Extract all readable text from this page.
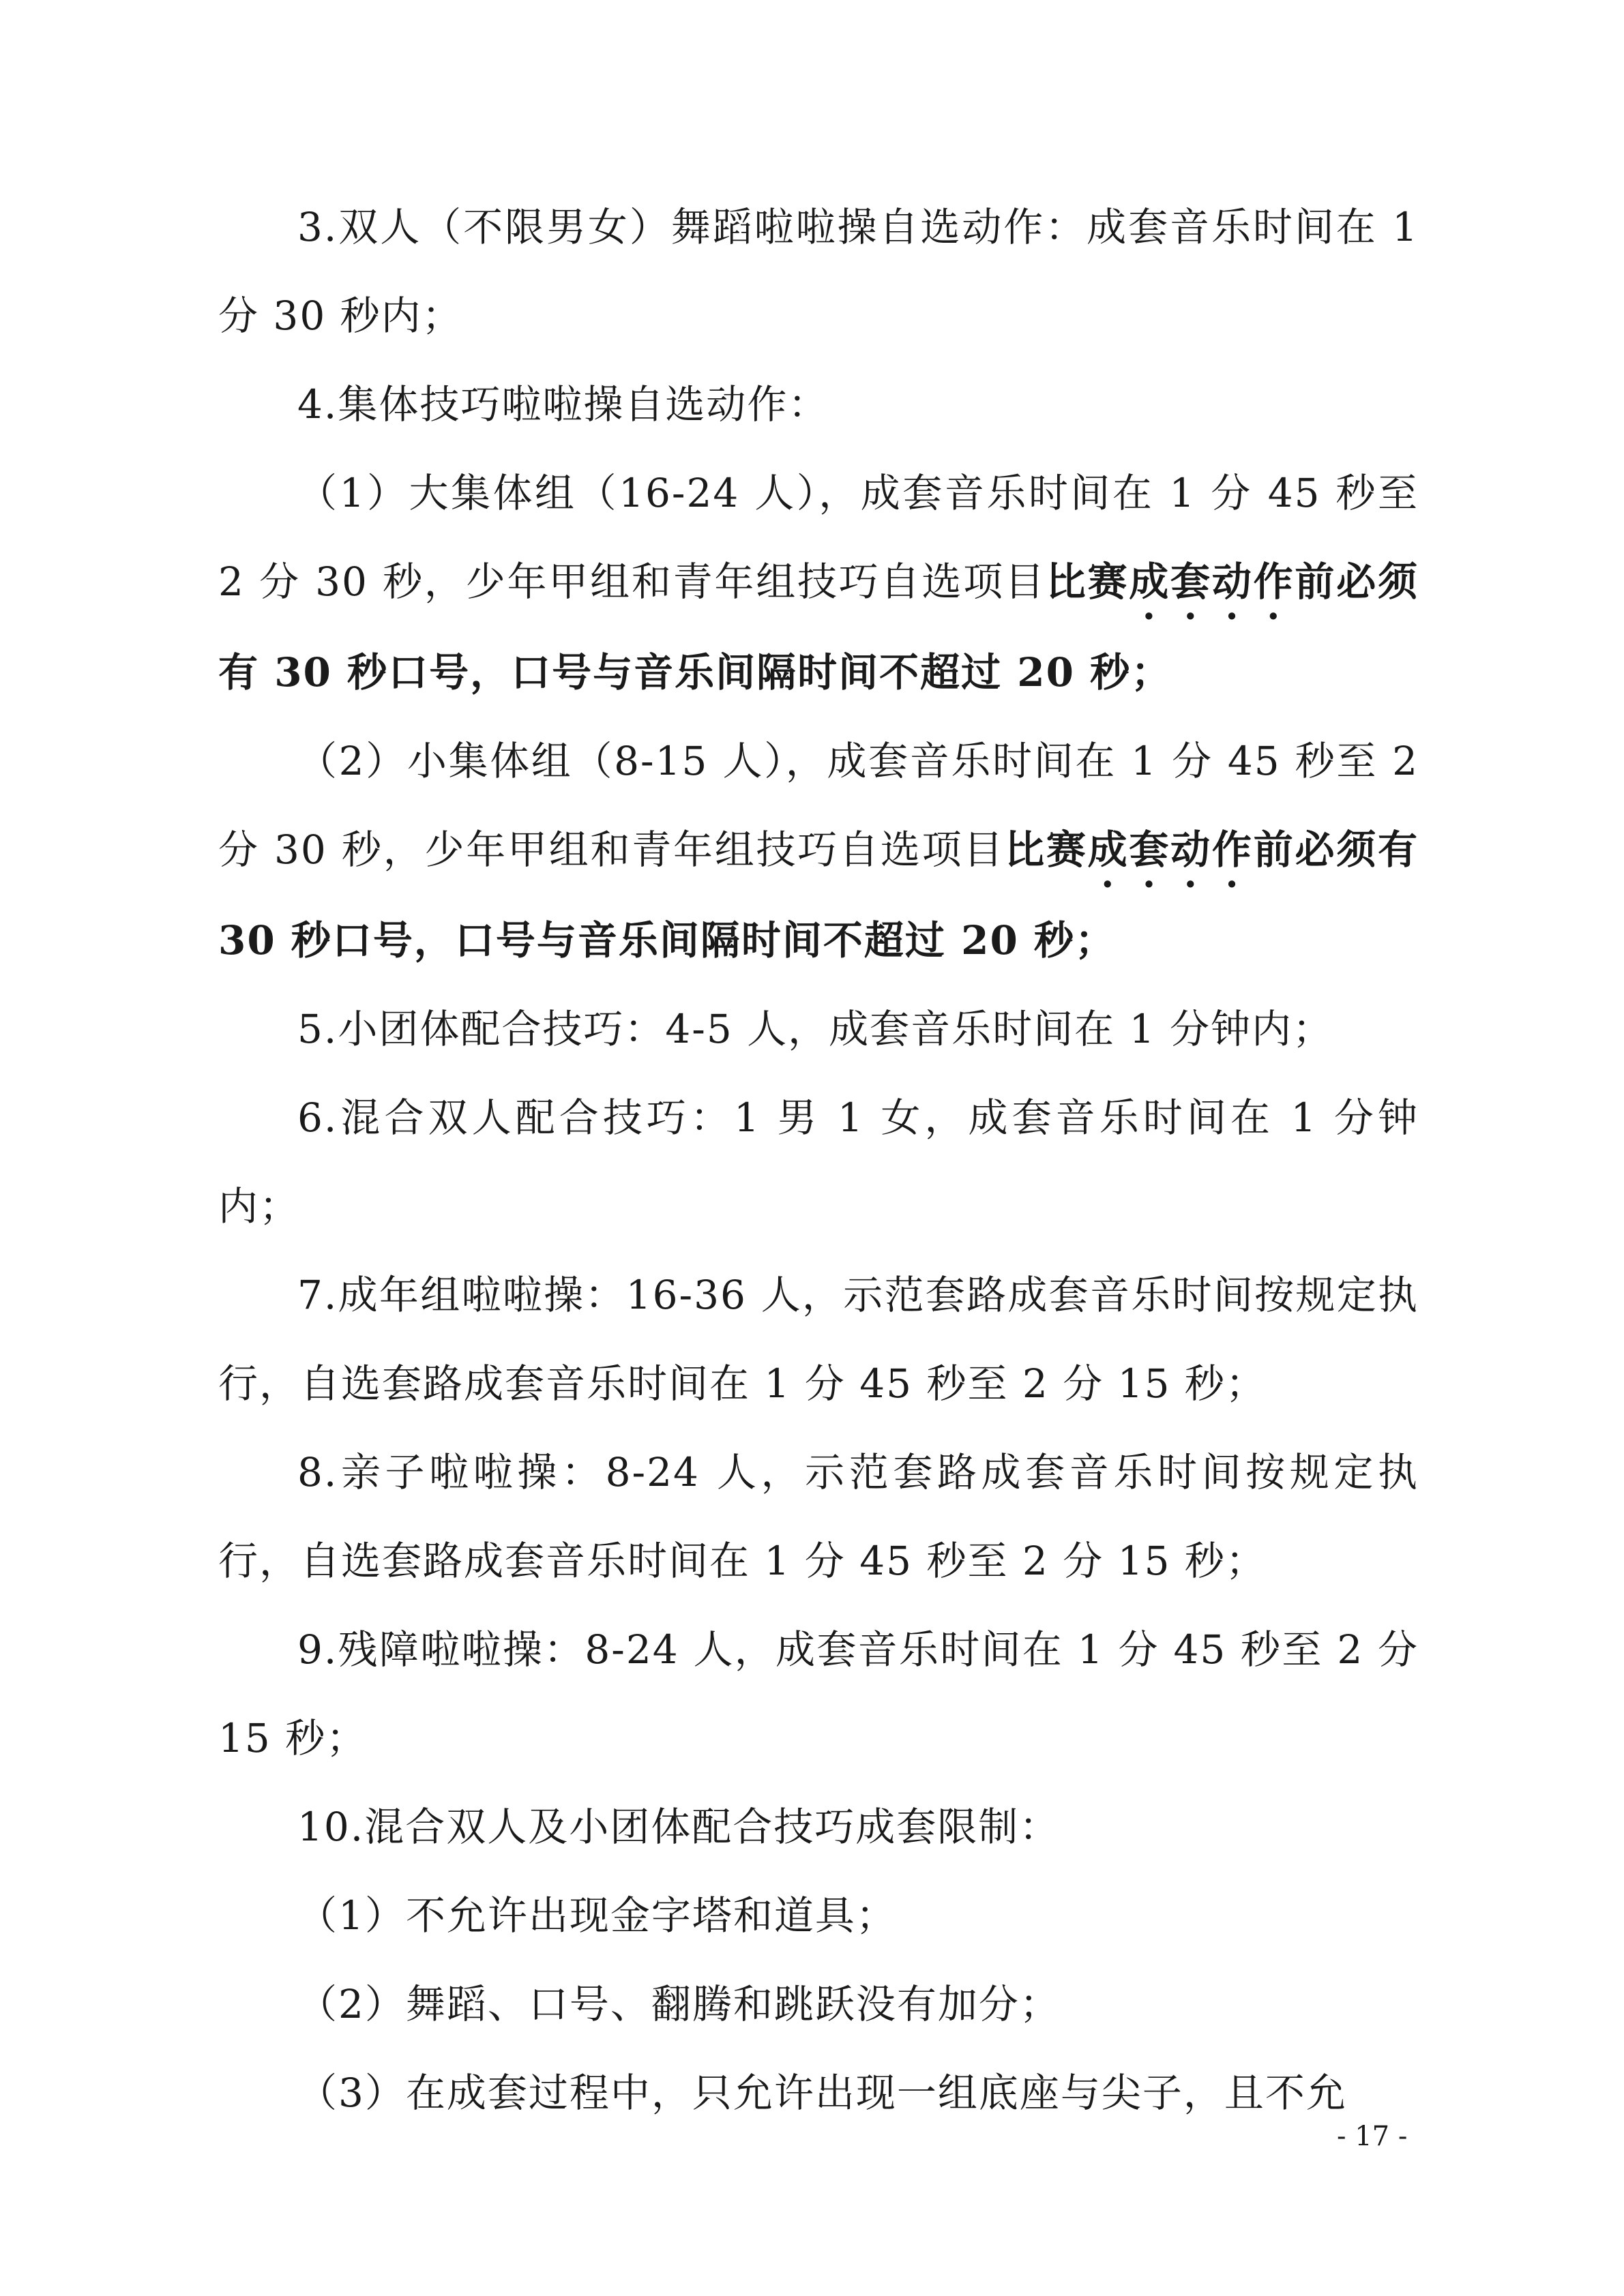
3.双人（不限男女）舞蹈啦啦操自选动作：成套音乐时间在 1 分 30 秒内；

4.集体技巧啦啦操自选动作：

（1）大集体组（16-24 人），成套音乐时间在 1 分 45 秒至 2 分 30 秒，少年甲组和青年组技巧自选项目比赛成套动作前必须有 30 秒口号，口号与音乐间隔时间不超过 20 秒；

（2）小集体组（8-15 人），成套音乐时间在 1 分 45 秒至 2 分 30 秒，少年甲组和青年组技巧自选项目比赛成套动作前必须有 30 秒口号，口号与音乐间隔时间不超过 20 秒；

5.小团体配合技巧：4-5 人，成套音乐时间在 1 分钟内；

6.混合双人配合技巧：1 男 1 女，成套音乐时间在 1 分钟内；

7.成年组啦啦操：16-36 人，示范套路成套音乐时间按规定执行，自选套路成套音乐时间在 1 分 45 秒至 2 分 15 秒；

8.亲子啦啦操：8-24 人，示范套路成套音乐时间按规定执行，自选套路成套音乐时间在 1 分 45 秒至 2 分 15 秒；

9.残障啦啦操：8-24 人，成套音乐时间在 1 分 45 秒至 2 分 15 秒；

10.混合双人及小团体配合技巧成套限制：

（1）不允许出现金字塔和道具；

（2）舞蹈、口号、翻腾和跳跃没有加分；

（3）在成套过程中，只允许出现一组底座与尖子，且不允

- 17 -
